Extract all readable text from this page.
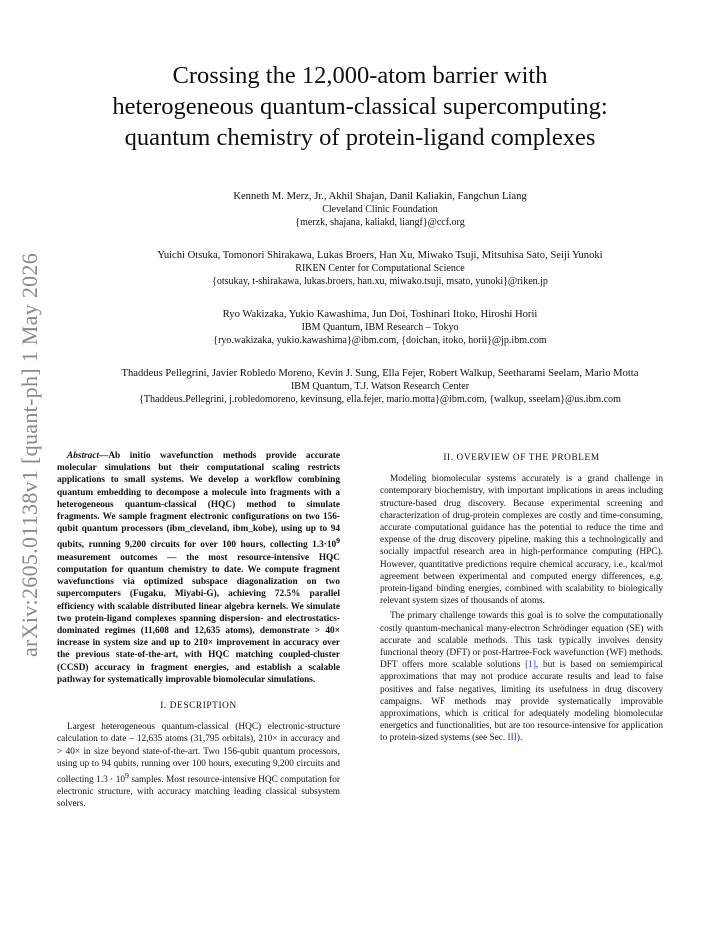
arXiv:2605.01138v1 [quant-ph] 1 May 2026
Crossing the 12,000-atom barrier with
heterogeneous quantum-classical supercomputing:
quantum chemistry of protein-ligand complexes
Kenneth M. Merz, Jr., Akhil Shajan, Danil Kaliakin, Fangchun Liang
Cleveland Clinic Foundation
{merzk, shajana, kaliakd, liangf}@ccf.org
Yuichi Otsuka, Tomonori Shirakawa, Lukas Broers, Han Xu, Miwako Tsuji, Mitsuhisa Sato, Seiji Yunoki
RIKEN Center for Computational Science
{otsukay, t-shirakawa, lukas.broers, han.xu, miwako.tsuji, msato, yunoki}@riken.jp
Ryo Wakizaka, Yukio Kawashima, Jun Doi, Toshinari Itoko, Hiroshi Horii
IBM Quantum, IBM Research – Tokyo
{ryo.wakizaka, yukio.kawashima}@ibm.com, {doichan, itoko, horii}@jp.ibm.com
Thaddeus Pellegrini, Javier Robledo Moreno, Kevin J. Sung, Ella Fejer, Robert Walkup, Seetharami Seelam, Mario Motta
IBM Quantum, T.J. Watson Research Center
{Thaddeus.Pellegrini, j.robledomoreno, kevinsung, ella.fejer, mario.motta}@ibm.com, {walkup, sseelam}@us.ibm.com

Abstract—Ab initio wavefunction methods provide accurate molecular simulations but their computational scaling restricts applications to small systems. We develop a workflow combining quantum embedding to decompose a molecule into fragments with a heterogeneous quantum-classical (HQC) method to simulate fragments. We sample fragment electronic configurations on two 156-qubit quantum processors (ibm_cleveland, ibm_kobe), using up to 94 qubits, running 9,200 circuits for over 100 hours, collecting $1.3\cdot 10^9$ measurement outcomes — the most resource-intensive HQC computation for quantum chemistry to date. We compute fragment wavefunctions via optimized subspace diagonalization on two supercomputers (Fugaku, Miyabi-G), achieving 72.5% parallel efficiency with scalable distributed linear algebra kernels. We simulate two protein-ligand complexes spanning dispersion- and electrostatics-dominated regimes (11,608 and 12,635 atoms), demonstrate > 40× increase in system size and up to 210× improvement in accuracy over the previous state-of-the-art, with HQC matching coupled-cluster (CCSD) accuracy in fragment energies, and establish a scalable pathway for systematically improvable biomolecular simulations.

I. DESCRIPTION

Largest heterogeneous quantum-classical (HQC) electronic-structure calculation to date – 12,635 atoms (31,795 orbitals), 210× in accuracy and > 40× in size beyond state-of-the-art. Two 156-qubit quantum processors, using up to 94 qubits, running over 100 hours, executing 9,200 circuits and collecting $1.3 \cdot 10^9$ samples. Most resource-intensive HQC computation for electronic structure, with accuracy matching leading classical subsystem solvers.

II. OVERVIEW OF THE PROBLEM

Modeling biomolecular systems accurately is a grand challenge in contemporary biochemistry, with important implications in areas including structure-based drug discovery. Because experimental screening and characterization of drug-protein complexes are costly and time-consuming, accurate computational guidance has the potential to reduce the time and expense of the drug discovery pipeline, making this a technologically and socially impactful research area in high-performance computing (HPC). However, quantitative predictions require chemical accuracy, i.e., kcal/mol agreement between experimental and computed energy differences, e.g. protein-ligand binding energies, combined with scalability to biologically relevant system sizes of thousands of atoms.

The primary challenge towards this goal is to solve the computationally costly quantum-mechanical many-electron Schrödinger equation (SE) with accurate and scalable methods. This task typically involves density functional theory (DFT) or post-Hartree-Fock wavefunction (WF) methods. DFT offers more scalable solutions [1], but is based on semiempirical approximations that may not produce accurate results and lead to false positives and false negatives, limiting its usefulness in drug discovery campaigns. WF methods may provide systematically improvable approximations, which is critical for adequately modeling biomolecular energetics and functionalities, but are too resource-intensive for application to protein-sized systems (see Sec. III).
